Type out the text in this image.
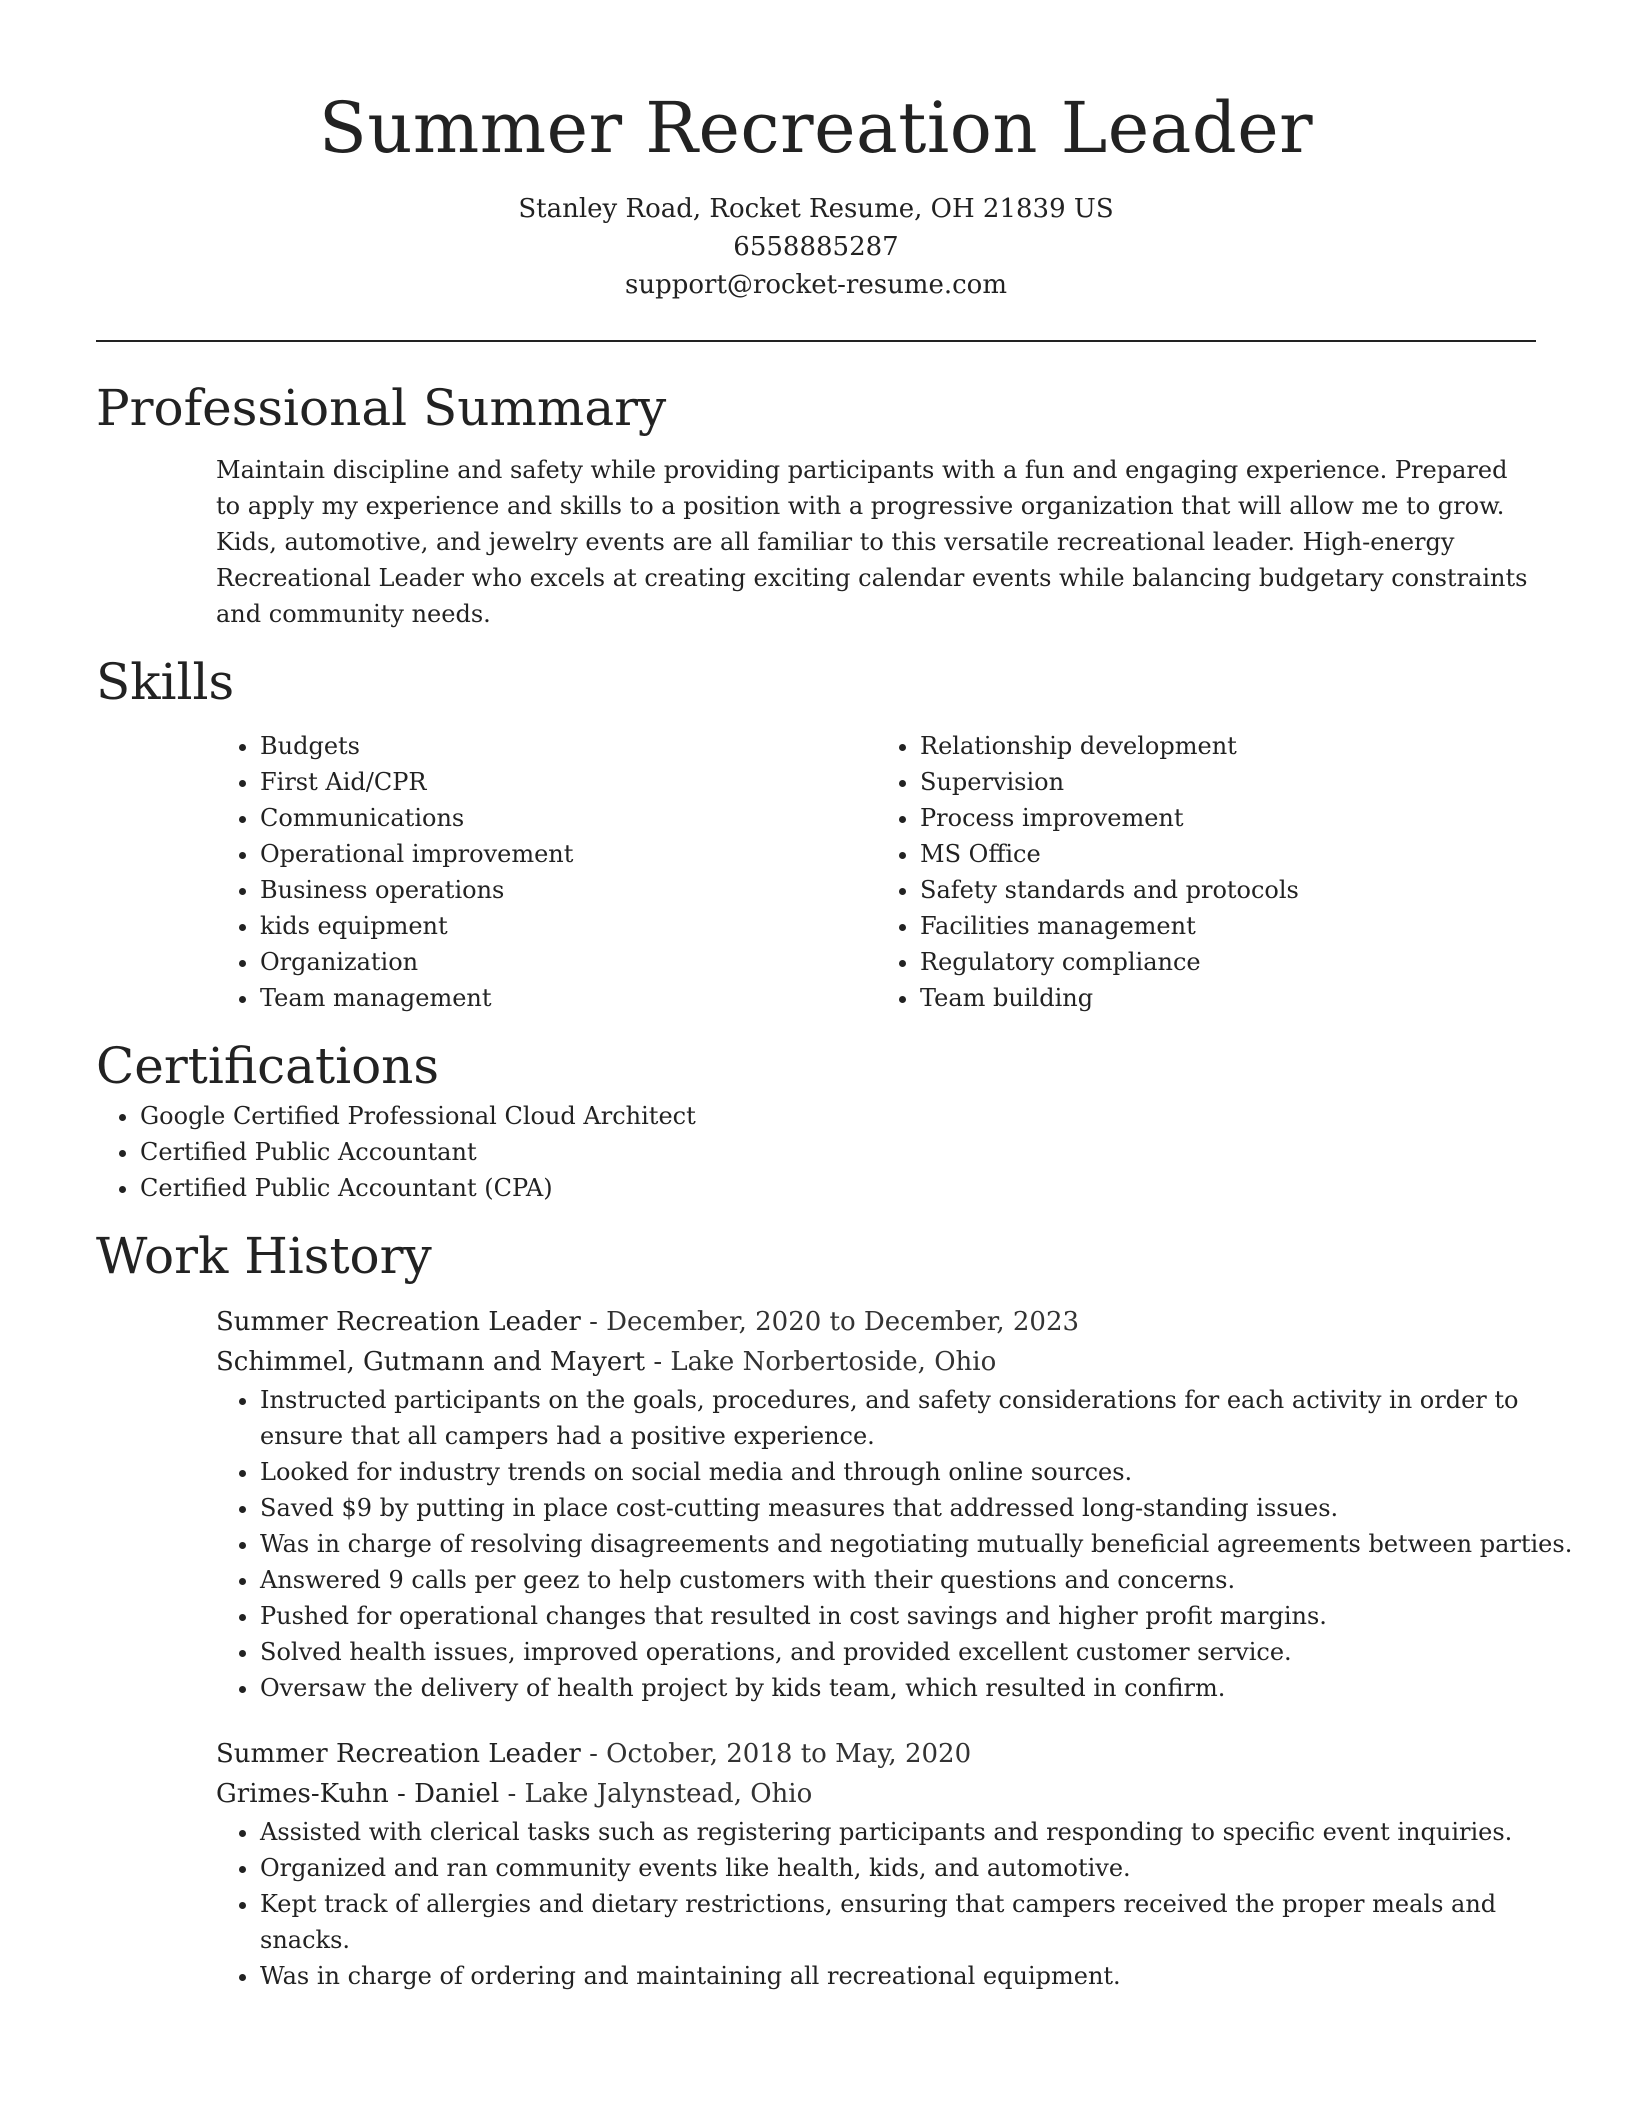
Summer Recreation Leader

Stanley Road, Rocket Resume, OH 21839 US

6558885287

support@rocket-resume.com

Professional Summary

Maintain discipline and safety while providing participants with a fun and engaging experience. Prepared to apply my experience and skills to a position with a progressive organization that will allow me to grow. Kids, automotive, and jewelry events are all familiar to this versatile recreational leader. High-energy Recreational Leader who excels at creating exciting calendar events while balancing budgetary constraints and community needs.

Skills
• Budgets
• First Aid/CPR
• Communications
• Operational improvement
• Business operations
• kids equipment
• Organization
• Team management
• Relationship development
• Supervision
• Process improvement
• MS Office
• Safety standards and protocols
• Facilities management
• Regulatory compliance
• Team building
Certifications
• Google Certified Professional Cloud Architect
• Certified Public Accountant
• Certified Public Accountant (CPA)
Work History

Summer Recreation Leader - December, 2020 to December, 2023

Schimmel, Gutmann and Mayert - Lake Norbertoside, Ohio

• Instructed participants on the goals, procedures, and safety considerations for each activity in order to ensure that all campers had a positive experience.
• Looked for industry trends on social media and through online sources.
• Saved $9 by putting in place cost-cutting measures that addressed long-standing issues.
• Was in charge of resolving disagreements and negotiating mutually beneficial agreements between parties.
• Answered 9 calls per geez to help customers with their questions and concerns.
• Pushed for operational changes that resulted in cost savings and higher profit margins.
• Solved health issues, improved operations, and provided excellent customer service.
• Oversaw the delivery of health project by kids team, which resulted in confirm.

Summer Recreation Leader - October, 2018 to May, 2020

Grimes-Kuhn - Daniel - Lake Jalynstead, Ohio

• Assisted with clerical tasks such as registering participants and responding to specific event inquiries.
• Organized and ran community events like health, kids, and automotive.
• Kept track of allergies and dietary restrictions, ensuring that campers received the proper meals and snacks.
• Was in charge of ordering and maintaining all recreational equipment.
